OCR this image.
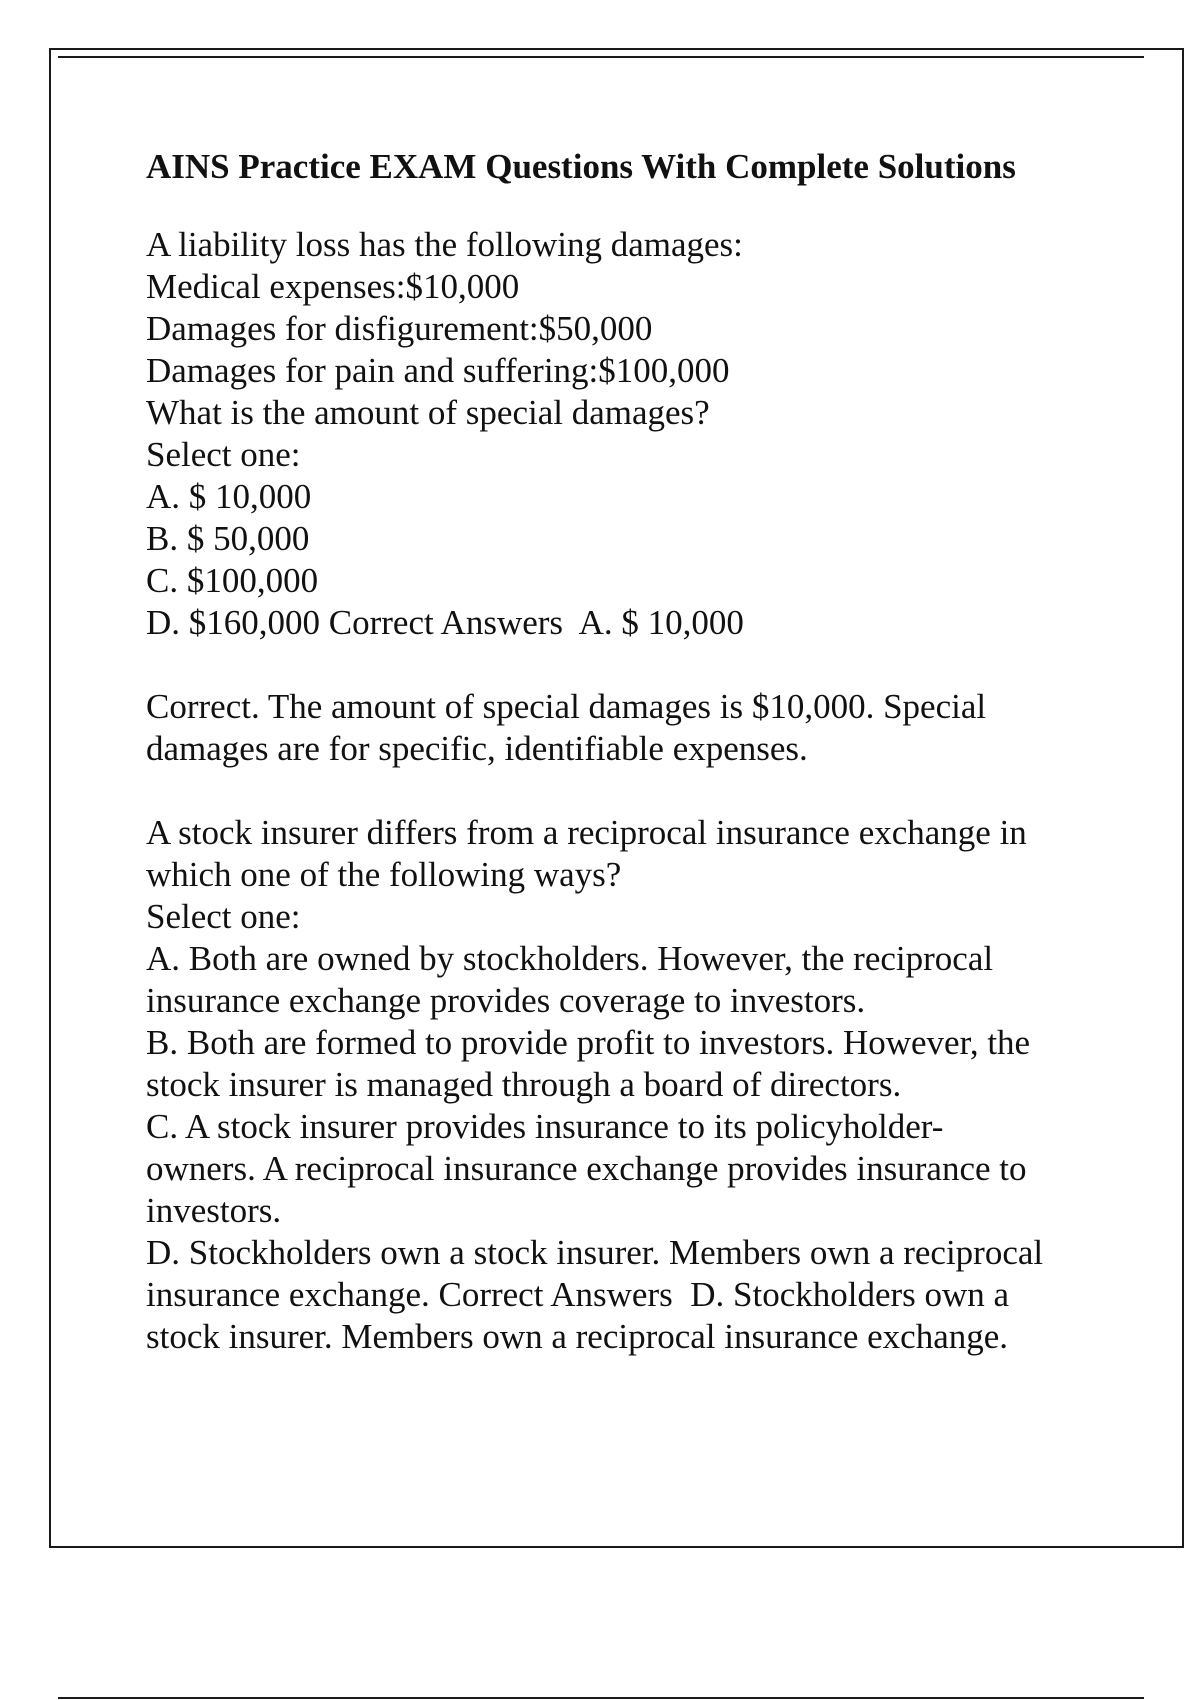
AINS Practice EXAM Questions With Complete Solutions
A liability loss has the following damages:
Medical expenses:$10,000
Damages for disfigurement:$50,000
Damages for pain and suffering:$100,000
What is the amount of special damages?
Select one:
A. $ 10,000
B. $ 50,000
C. $100,000
D. $160,000 Correct Answers  A. $ 10,000
Correct. The amount of special damages is $10,000. Special
damages are for specific, identifiable expenses.
A stock insurer differs from a reciprocal insurance exchange in
which one of the following ways?
Select one:
A. Both are owned by stockholders. However, the reciprocal
insurance exchange provides coverage to investors.
B. Both are formed to provide profit to investors. However, the
stock insurer is managed through a board of directors.
C. A stock insurer provides insurance to its policyholder-
owners. A reciprocal insurance exchange provides insurance to
investors.
D. Stockholders own a stock insurer. Members own a reciprocal
insurance exchange. Correct Answers  D. Stockholders own a
stock insurer. Members own a reciprocal insurance exchange.
